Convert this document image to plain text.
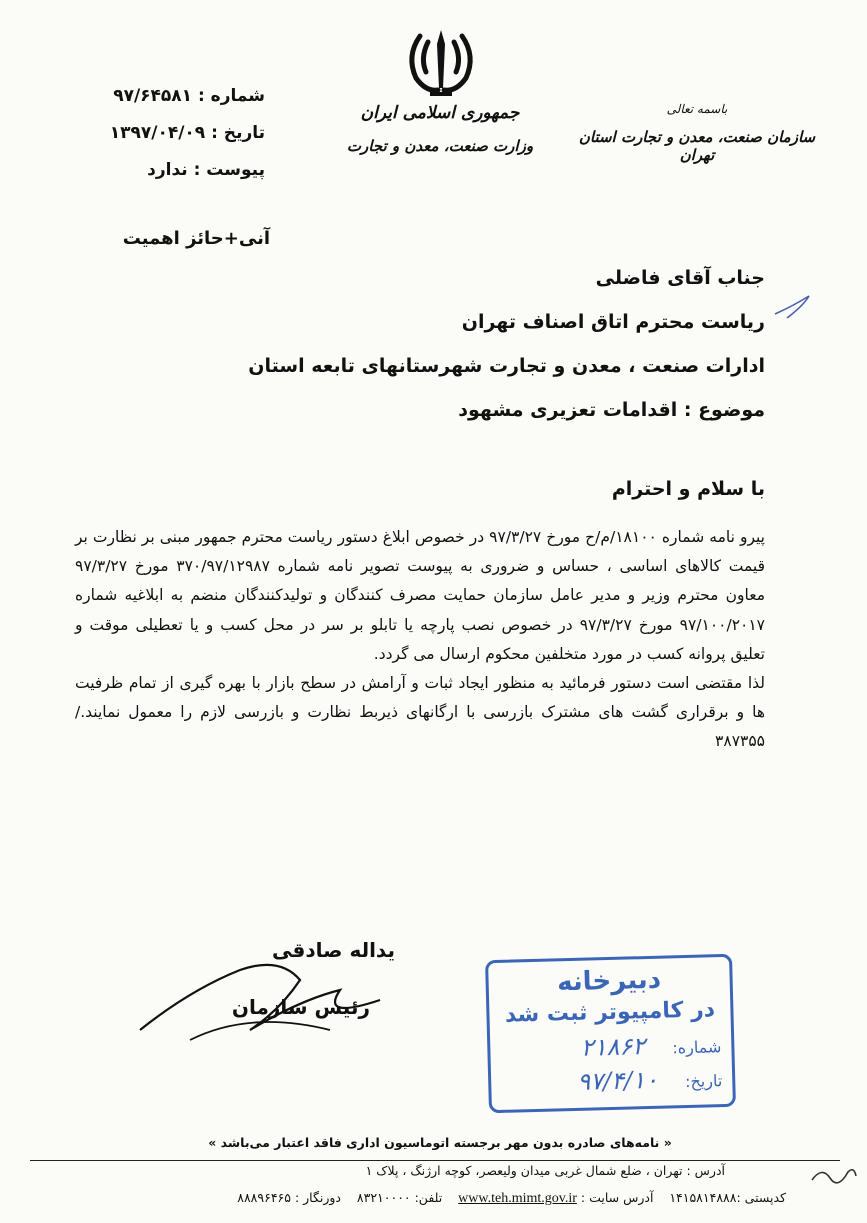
جمهوری اسلامی ایران
وزارت صنعت، معدن و تجارت
باسمه تعالی
سازمان صنعت، معدن و تجارت استان تهران
شماره : ۹۷/۶۴۵۸۱
تاریخ : ۱۳۹۷/۰۴/۰۹
پیوست : ندارد
آنی+حائز اهمیت
جناب آقای فاضلی
ریاست محترم اتاق اصناف تهران
ادارات صنعت ، معدن و تجارت شهرستانهای تابعه استان
موضوع : اقدامات تعزیری مشهود
با سلام و احترام

پیرو نامه شماره ۱۸۱۰۰/م/ح مورخ ۹۷/۳/۲۷ در خصوص ابلاغ دستور ریاست محترم جمهور مبنی بر نظارت بر قیمت کالاهای اساسی ، حساس و ضروری به پیوست تصویر نامه شماره ۳۷۰/۹۷/۱۲۹۸۷ مورخ ۹۷/۳/۲۷ معاون محترم وزیر و مدیر عامل سازمان حمایت مصرف کنندگان و تولیدکنندگان منضم به ابلاغیه شماره ۹۷/۱۰۰/۲۰۱۷ مورخ ۹۷/۳/۲۷ در خصوص نصب پارچه یا تابلو بر سر در محل کسب و یا تعطیلی موقت و تعلیق پروانه کسب در مورد متخلفین محکوم ارسال می گردد.

لذا مقتضی است دستور فرمائید به منظور ایجاد ثبات و آرامش در سطح بازار با بهره گیری از تمام ظرفیت ها و برقراری گشت های مشترک بازرسی با ارگانهای ذیربط نظارت و بازرسی لازم را معمول نمایند./۳۸۷۳۵۵

یداله صادقی
رئیس سازمان
دبیرخانه
در کامپیوتر ثبت شد
شماره: ۲۱۸۶۲
تاریخ: ۹۷/۴/۱۰
« نامه‌های صادره بدون مهر برجسته اتوماسیون اداری فاقد اعتبار می‌باشد »
آدرس : تهران ، ضلع شمال غربی میدان ولیعصر، کوچه ارژنگ ، پلاک ۱
کدپستی :۱۴۱۵۸۱۴۸۸۸    آدرس سایت : www.teh.mimt.gov.ir    تلفن: ۸۳۲۱۰۰۰۰    دورنگار : ۸۸۸۹۶۴۶۵
